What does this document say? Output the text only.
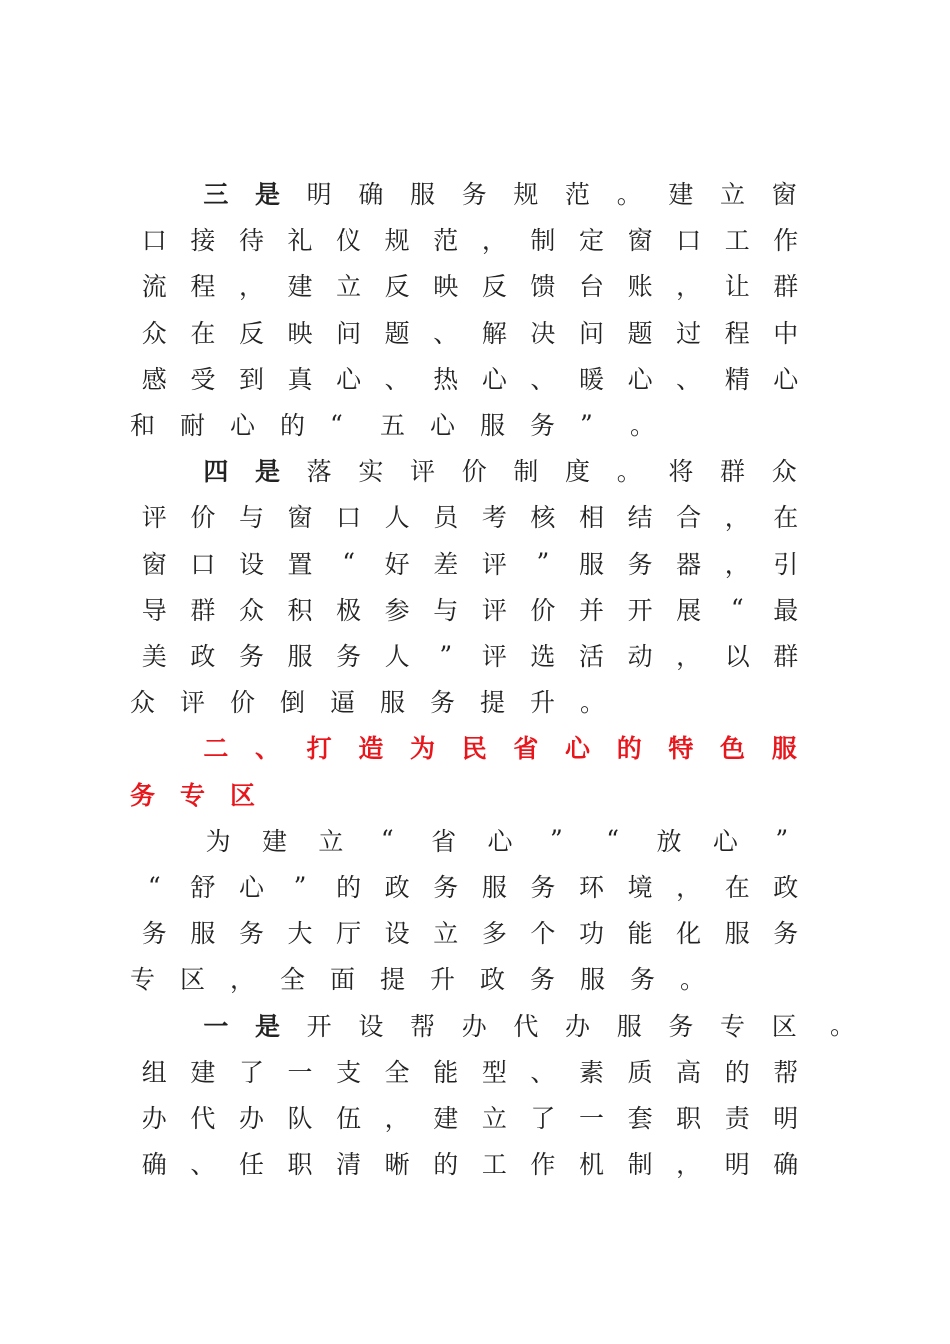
。
三	是	明	确	服	务	规	范	。	建	立	窗
口 接 待 礼 仪 规 范 ， 制 定 窗 口 工 作
流 程 ， 建 立 反 映 反 馈 台 账 ， 让 群
众 在 反 映 问 题 、 解 决 问 题 过 程 中
感 受 到 真 心 、 热 心 、 暖 心 、 精 心
和 耐 心 的 “	五 心 服 务 ”	。
四	是	落	实	评	价	制	度	。	将	群	众
评 价 与 窗 口 人 员 考 核 相 结 合 ， 在
窗 口 设 置	“	好 差 评	”	服 务 器 ， 引
导 群 众 积 极 参 与 评 价 并 开 展	“	最
美 政 务 服 务 人	”	评 选 活 动 ， 以 群
众 评 价 倒 逼 服 务 提 升 。
二	、	打	造	为	民	省	心	的	特	色	服
务 专 区
为	建	立	“	省	心	”	“	放	心	”
“	舒 心	”	的 政 务 服 务 环 境 ， 在 政
务 服 务 大 厅 设 立 多 个 功 能 化 服 务
专 区 ， 全 面 提 升 政 务 服 务 。
一	是	开	设	帮	办	代	办	服	务	专	区
组 建 了 一 支 全 能 型 、 素 质 高 的 帮
办 代 办 队 伍 ， 建 立 了 一 套 职 责 明
确 、 任 职 清 晰 的 工 作 机 制 ， 明 确
